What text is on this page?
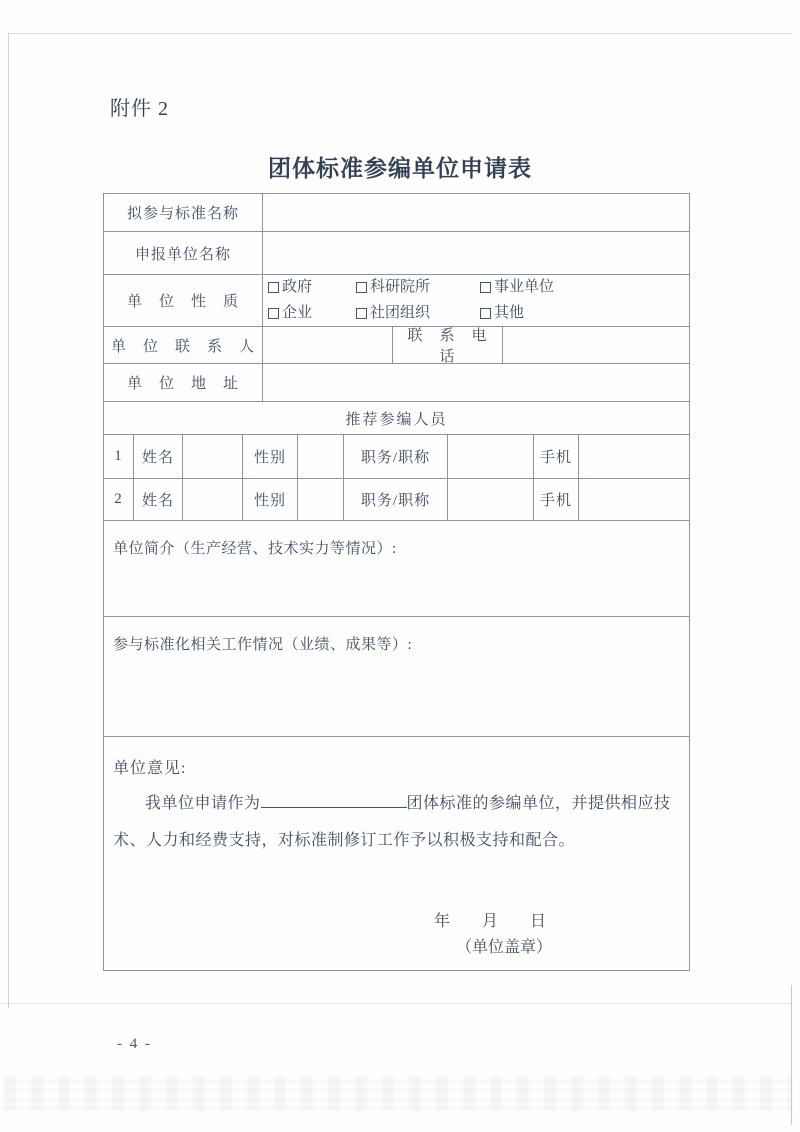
附件 2
团体标准参编单位申请表
拟参与标准名称
申报单位名称
单　位　性　质
政府	科研院所	事业单位
企业	社团组织	其他
单　位　联　系　人
联　系　电　话
单　位　地　址
推荐参编人员
1	姓名	性别	职务/职称	手机
2	姓名	性别	职务/职称	手机
单位简介（生产经营、技术实力等情况）:
参与标准化相关工作情况（业绩、成果等）:
单位意见:
我单位申请作为	团体标准的参编单位，并提供相应技
术、人力和经费支持，对标准制修订工作予以积极支持和配合。
年　　月　　日
（单位盖章）
- 4 -
